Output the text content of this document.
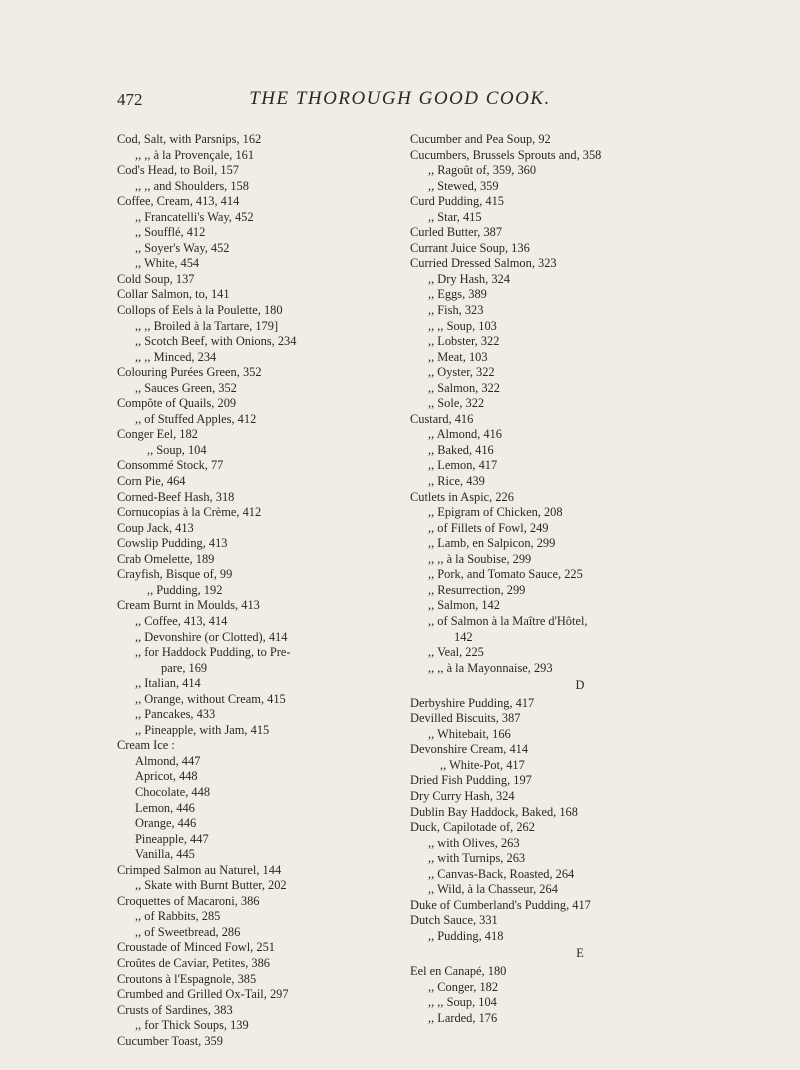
472	THE THOROUGH GOOD COOK.
Cod, Salt, with Parsnips, 162
,, ,, à la Provençale, 161
Cod's Head, to Boil, 157
,, ,, and Shoulders, 158
Coffee, Cream, 413, 414
,, Francatelli's Way, 452
,, Soufflé, 412
,, Soyer's Way, 452
,, White, 454
Cold Soup, 137
Collar Salmon, to, 141
Collops of Eels à la Poulette, 180
,, ,, Broiled à la Tartare, 179]
,, Scotch Beef, with Onions, 234
,, ,, Minced, 234
Colouring Purées Green, 352
,, Sauces Green, 352
Compôte of Quails, 209
,, of Stuffed Apples, 412
Conger Eel, 182
,, Soup, 104
Consommé Stock, 77
Corn Pie, 464
Corned-Beef Hash, 318
Cornucopias à la Crème, 412
Coup Jack, 413
Cowslip Pudding, 413
Crab Omelette, 189
Crayfish, Bisque of, 99
,, Pudding, 192
Cream Burnt in Moulds, 413
,, Coffee, 413, 414
,, Devonshire (or Clotted), 414
,, for Haddock Pudding, to Pre-
pare, 169
,, Italian, 414
,, Orange, without Cream, 415
,, Pancakes, 433
,, Pineapple, with Jam, 415
Cream Ice :
Almond, 447
Apricot, 448
Chocolate, 448
Lemon, 446
Orange, 446
Pineapple, 447
Vanilla, 445
Crimped Salmon au Naturel, 144
,, Skate with Burnt Butter, 202
Croquettes of Macaroni, 386
,, of Rabbits, 285
,, of Sweetbread, 286
Croustade of Minced Fowl, 251
Croûtes de Caviar, Petites, 386
Croutons à l'Espagnole, 385
Crumbed and Grilled Ox-Tail, 297
Crusts of Sardines, 383
,, for Thick Soups, 139
Cucumber Toast, 359
Cucumber and Pea Soup, 92
Cucumbers, Brussels Sprouts and, 358
,, Ragoût of, 359, 360
,, Stewed, 359
Curd Pudding, 415
,, Star, 415
Curled Butter, 387
Currant Juice Soup, 136
Curried Dressed Salmon, 323
,, Dry Hash, 324
,, Eggs, 389
,, Fish, 323
,, ,, Soup, 103
,, Lobster, 322
,, Meat, 103
,, Oyster, 322
,, Salmon, 322
,, Sole, 322
Custard, 416
,, Almond, 416
,, Baked, 416
,, Lemon, 417
,, Rice, 439
Cutlets in Aspic, 226
,, Epigram of Chicken, 208
,, of Fillets of Fowl, 249
,, Lamb, en Salpicon, 299
,, ,, à la Soubise, 299
,, Pork, and Tomato Sauce, 225
,, Resurrection, 299
,, Salmon, 142
,, of Salmon à la Maître d'Hôtel,
142
,, Veal, 225
,, ,, à la Mayonnaise, 293
D
Derbyshire Pudding, 417
Devilled Biscuits, 387
,, Whitebait, 166
Devonshire Cream, 414
,, White-Pot, 417
Dried Fish Pudding, 197
Dry Curry Hash, 324
Dublin Bay Haddock, Baked, 168
Duck, Capilotade of, 262
,, with Olives, 263
,, with Turnips, 263
,, Canvas-Back, Roasted, 264
,, Wild, à la Chasseur, 264
Duke of Cumberland's Pudding, 417
Dutch Sauce, 331
,, Pudding, 418
E
Eel en Canapé, 180
,, Conger, 182
,, ,, Soup, 104
,, Larded, 176
